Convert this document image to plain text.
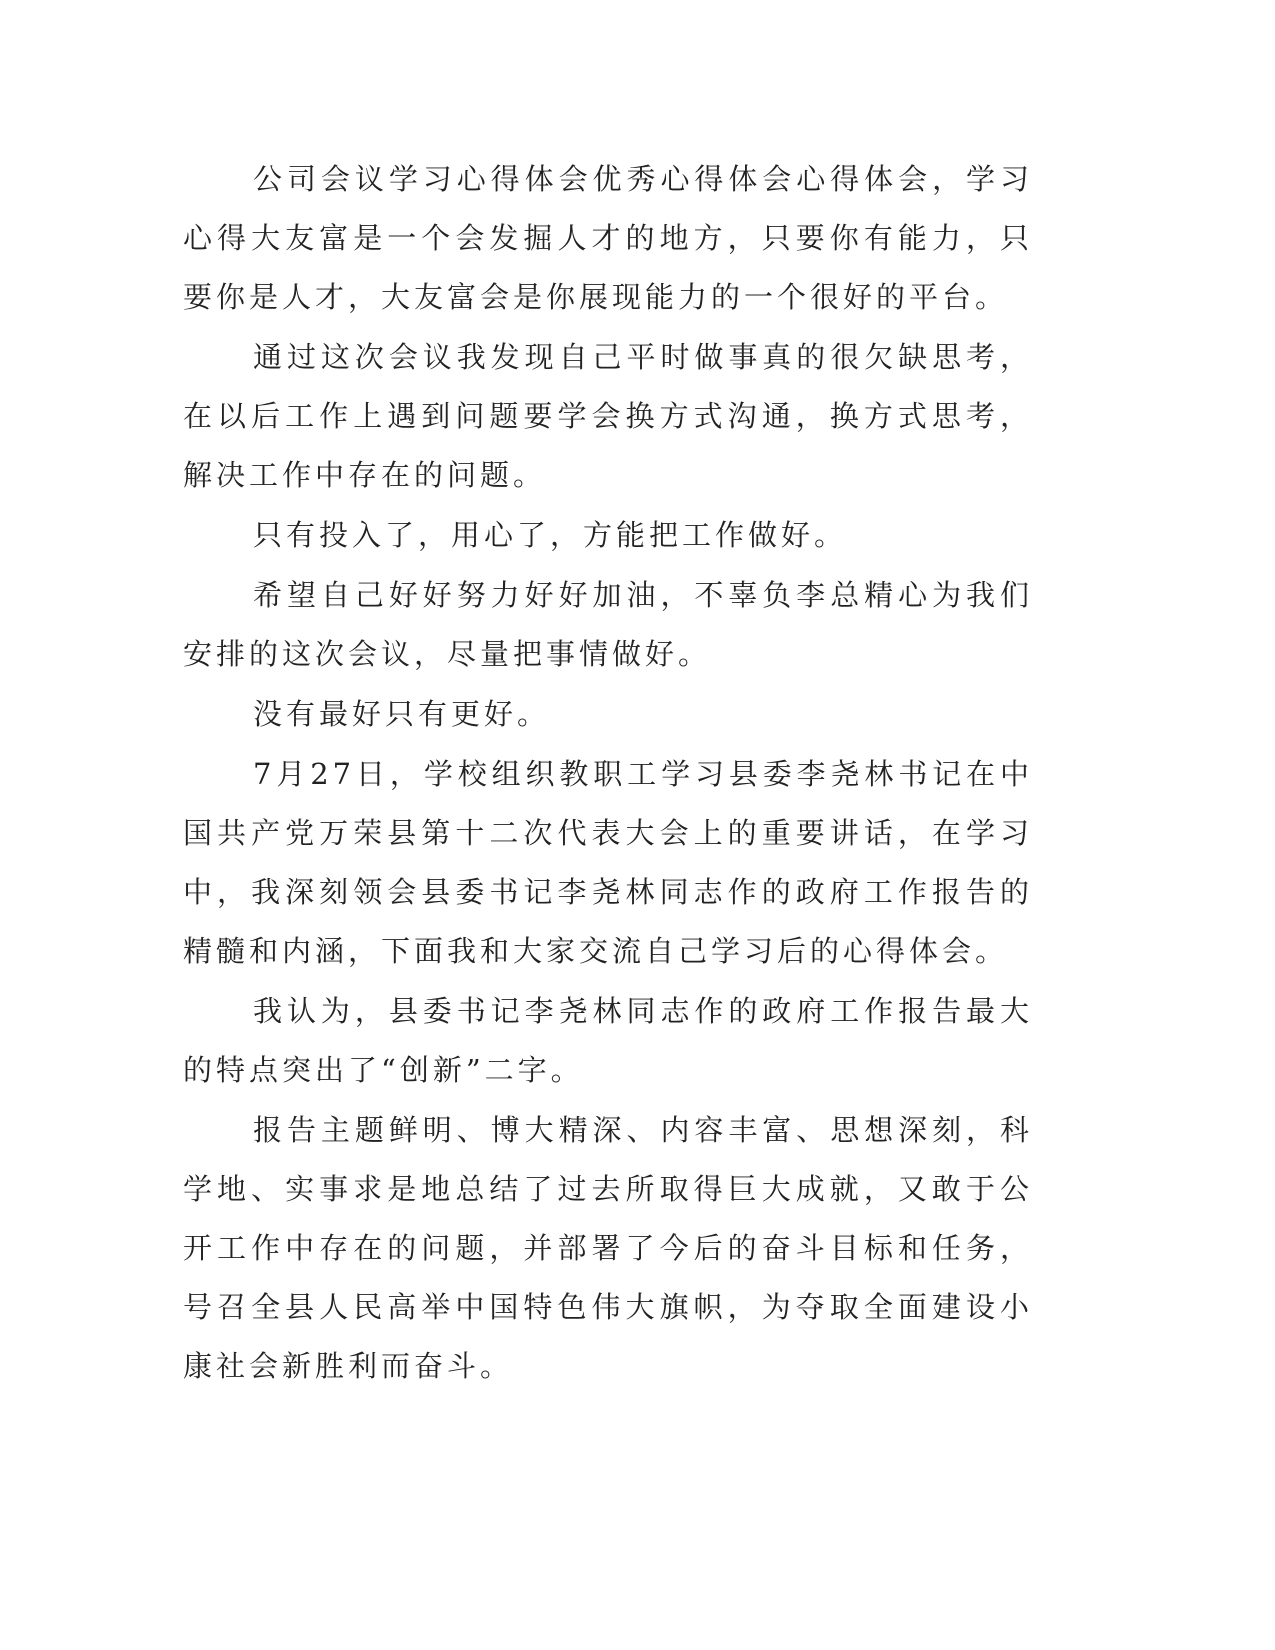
公司会议学习心得体会优秀心得体会心得体会，学习心得大友富是一个会发掘人才的地方，只要你有能力，只要你是人才，大友富会是你展现能力的一个很好的平台。

通过这次会议我发现自己平时做事真的很欠缺思考，在以后工作上遇到问题要学会换方式沟通，换方式思考，解决工作中存在的问题。

只有投入了，用心了，方能把工作做好。

希望自己好好努力好好加油，不辜负李总精心为我们安排的这次会议，尽量把事情做好。

没有最好只有更好。

7月27日，学校组织教职工学习县委李尧林书记在中国共产党万荣县第十二次代表大会上的重要讲话，在学习中，我深刻领会县委书记李尧林同志作的政府工作报告的精髓和内涵，下面我和大家交流自己学习后的心得体会。

我认为，县委书记李尧林同志作的政府工作报告最大的特点突出了“创新”二字。

报告主题鲜明、博大精深、内容丰富、思想深刻，科学地、实事求是地总结了过去所取得巨大成就，又敢于公开工作中存在的问题，并部署了今后的奋斗目标和任务，号召全县人民高举中国特色伟大旗帜，为夺取全面建设小康社会新胜利而奋斗。
